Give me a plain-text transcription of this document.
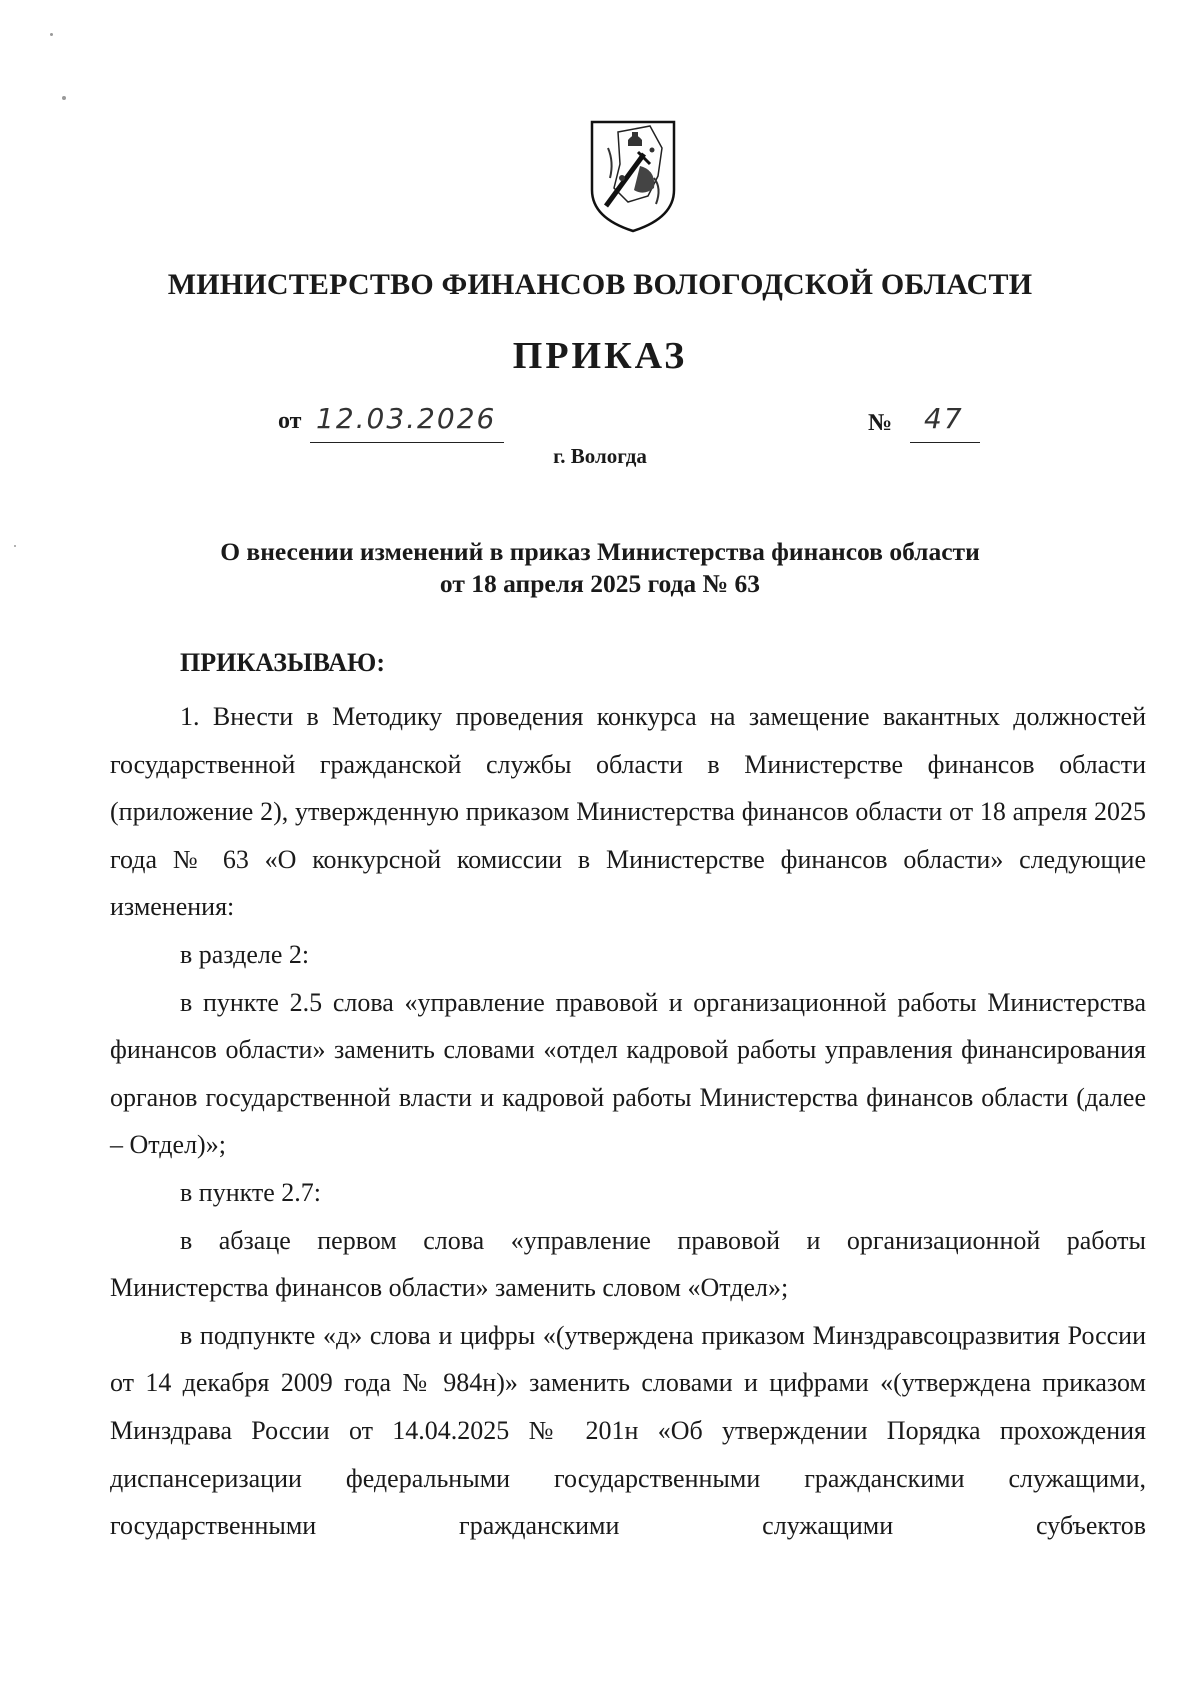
МИНИСТЕРСТВО ФИНАНСОВ ВОЛОГОДСКОЙ ОБЛАСТИ
ПРИКАЗ
от 12.03.2026	№ 47
г. Вологда
О внесении изменений в приказ Министерства финансов области
от 18 апреля 2025 года № 63
ПРИКАЗЫВАЮ:

1. Внести в Методику проведения конкурса на замещение вакантных должностей государственной гражданской службы области в Министерстве финансов области (приложение 2), утвержденную приказом Министерства финансов области от 18 апреля 2025 года № 63 «О конкурсной комиссии в Министерстве финансов области» следующие изменения:

в разделе 2:

в пункте 2.5 слова «управление правовой и организационной работы Министерства финансов области» заменить словами «отдел кадровой работы управления финансирования органов государственной власти и кадровой работы Министерства финансов области (далее – Отдел)»;

в пункте 2.7:

в абзаце первом слова «управление правовой и организационной работы Министерства финансов области» заменить словом «Отдел»;

в подпункте «д» слова и цифры «(утверждена приказом Минздравсоцразвития России от 14 декабря 2009 года № 984н)» заменить словами и цифрами «(утверждена приказом Минздрава России от 14.04.2025 № 201н «Об утверждении Порядка прохождения диспансеризации федеральными государственными гражданскими служащими, государственными гражданскими служащими субъектов
